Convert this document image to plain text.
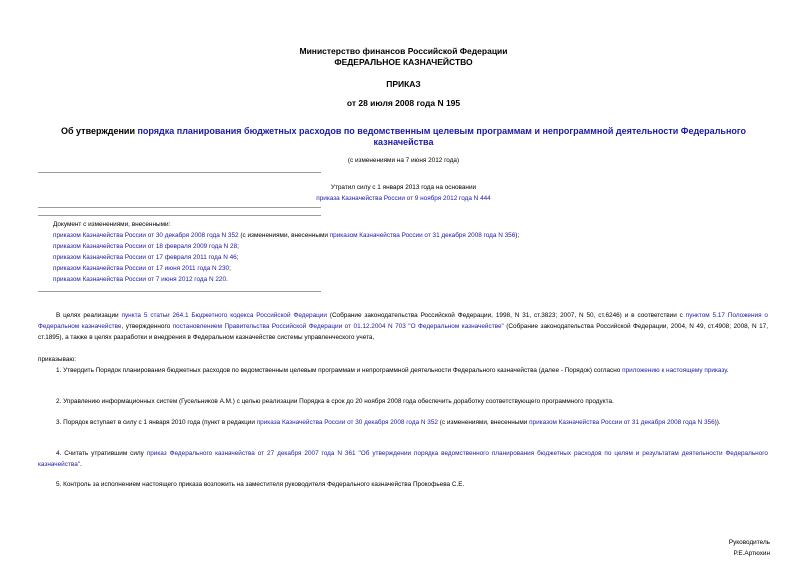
Министерство финансов Российской Федерации
ФЕДЕРАЛЬНОЕ КАЗНАЧЕЙСТВО
ПРИКАЗ
от 28 июля 2008 года N 195
Об утверждении порядка планирования бюджетных расходов по ведомственным целевым программам и непрограммной деятельности Федерального казначейства
(с изменениями на 7 июня 2012 года)
Утратил силу с 1 января 2013 года на основании
приказа Казначейства России от 9 ноября 2012 года N 444
Документ с изменениями, внесенными:
приказом Казначейства России от 30 декабря 2008 года N 352 (с изменениями, внесенными приказом Казначейства России от 31 декабря 2008 года N 356);
приказом Казначейства России от 18 февраля 2009 года N 28;
приказом Казначейства России от 17 февраля 2011 года N 46;
приказом Казначейства России от 17 июня 2011 года N 230;
приказом Казначейства России от 7 июня 2012 года N 220.
В целях реализации пункта 5 статьи 264.1 Бюджетного кодекса Российской Федерации (Собрание законодательства Российской Федерации, 1998, N 31, ст.3823; 2007, N 50, ст.6246) и в соответствии с пунктом 5.17 Положения о Федеральном казначействе, утвержденного постановлением Правительства Российской Федерации от 01.12.2004 N 703 "О Федеральном казначействе" (Собрание законодательства Российской Федерации, 2004, N 49, ст.4908; 2008, N 17, ст.1895), а также в целях разработки и внедрения в Федеральном казначействе системы управленческого учета,
приказываю:
1. Утвердить Порядок планирования бюджетных расходов по ведомственным целевым программам и непрограммной деятельности Федерального казначейства (далее - Порядок) согласно приложению к настоящему приказу.
2. Управлению информационных систем (Гусельников А.М.) с целью реализации Порядка в срок до 20 ноября 2008 года обеспечить доработку соответствующего программного продукта.
3. Порядок вступает в силу с 1 января 2010 года (пункт в редакции приказа Казначейства России от 30 декабря 2008 года N 352 (с изменениями, внесенными приказом Казначейства России от 31 декабря 2008 года N 356)).
4. Считать утратившим силу приказ Федерального казначейства от 27 декабря 2007 года N 361 "Об утверждении порядка ведомственного планирования бюджетных расходов по целям и результатам деятельности Федерального казначейства".
5. Контроль за исполнением настоящего приказа возложить на заместителя руководителя Федерального казначейства Прокофьева С.Е.
Руководитель
Р.Е.Артюхин
